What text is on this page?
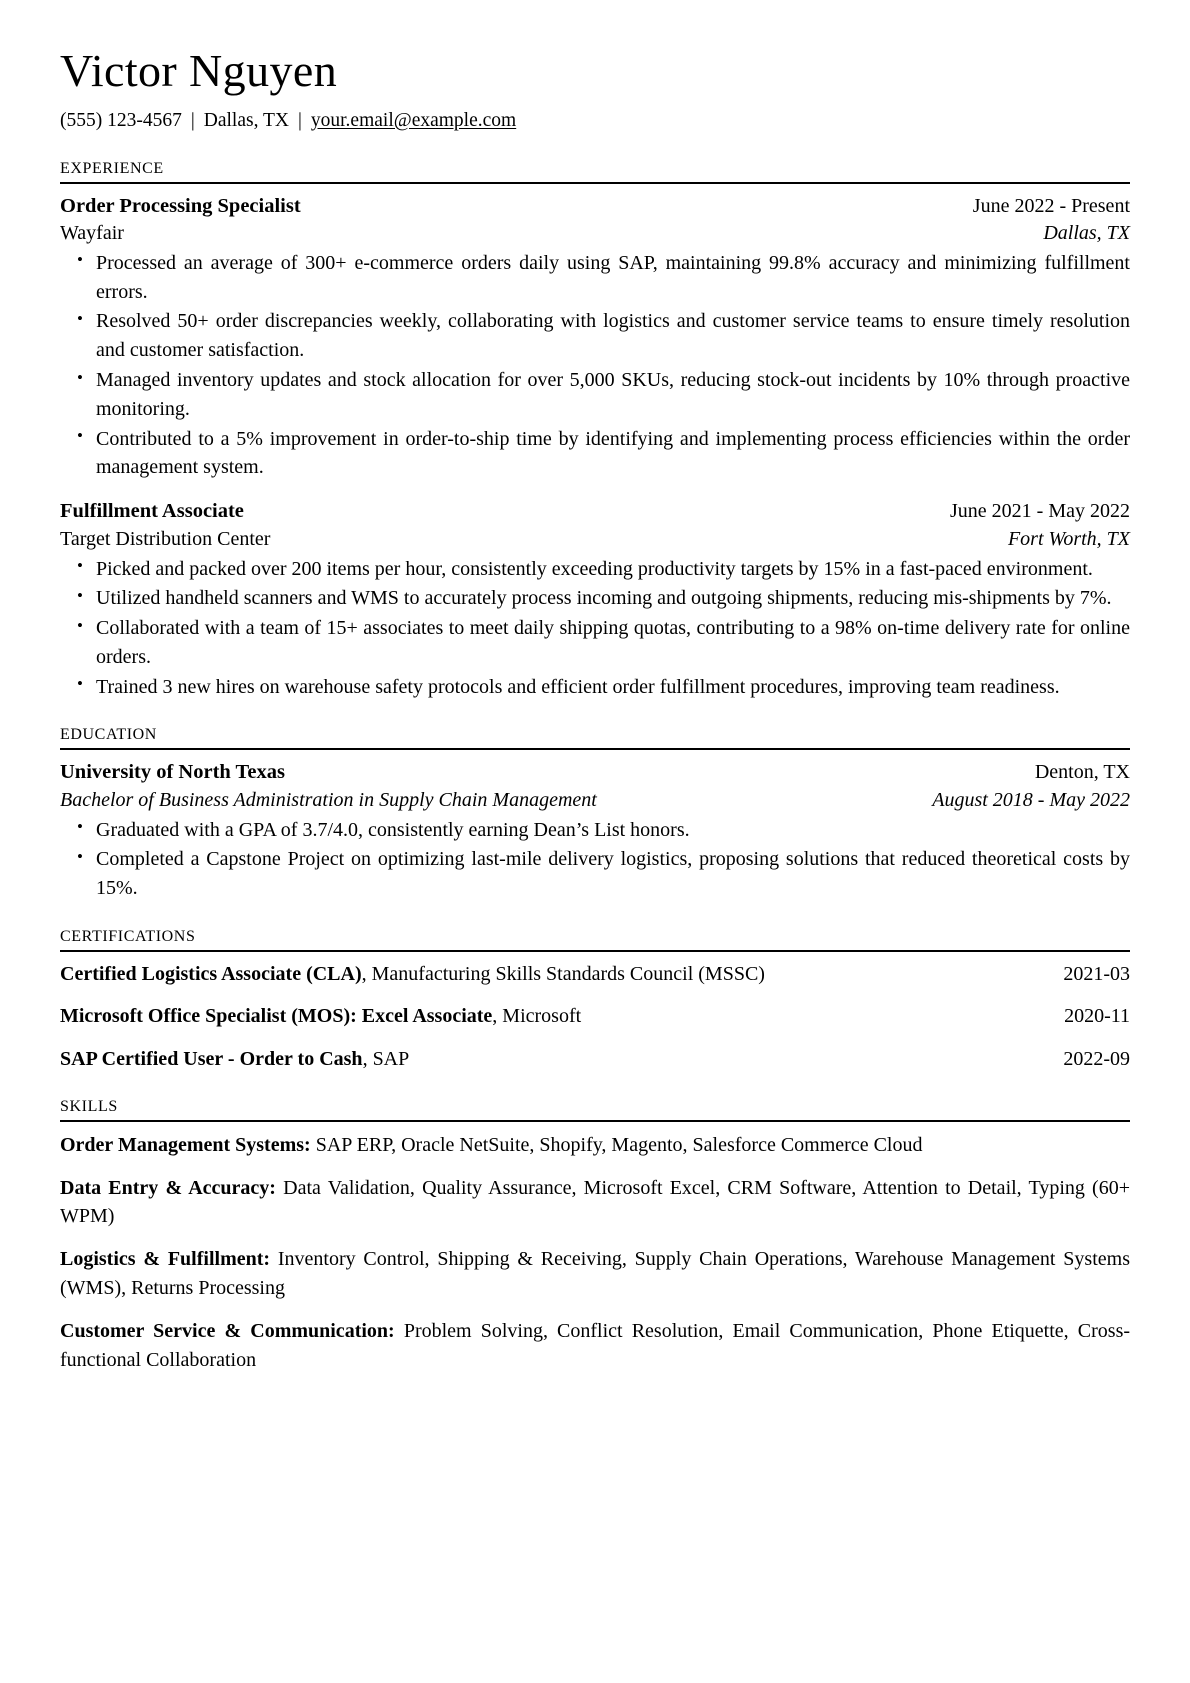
Victor Nguyen
(555) 123-4567 | Dallas, TX | your.email@example.com
experience
Order Processing Specialist	June 2022 - Present
Wayfair	Dallas, TX
• Processed an average of 300+ e-commerce orders daily using SAP, maintaining 99.8% accuracy and minimizing fulfillment errors.
• Resolved 50+ order discrepancies weekly, collaborating with logistics and customer service teams to ensure timely resolution and customer satisfaction.
• Managed inventory updates and stock allocation for over 5,000 SKUs, reducing stock-out incidents by 10% through proactive monitoring.
• Contributed to a 5% improvement in order-to-ship time by identifying and implementing process efficiencies within the order management system.
Fulfillment Associate	June 2021 - May 2022
Target Distribution Center	Fort Worth, TX
• Picked and packed over 200 items per hour, consistently exceeding productivity targets by 15% in a fast-paced environment.
• Utilized handheld scanners and WMS to accurately process incoming and outgoing shipments, reducing mis-shipments by 7%.
• Collaborated with a team of 15+ associates to meet daily shipping quotas, contributing to a 98% on-time delivery rate for online orders.
• Trained 3 new hires on warehouse safety protocols and efficient order fulfillment procedures, improving team readiness.
education
University of North Texas	Denton, TX
Bachelor of Business Administration in Supply Chain Management	August 2018 - May 2022
• Graduated with a GPA of 3.7/4.0, consistently earning Dean’s List honors.
• Completed a Capstone Project on optimizing last-mile delivery logistics, proposing solutions that reduced theoretical costs by 15%.
certifications
Certified Logistics Associate (CLA), Manufacturing Skills Standards Council (MSSC)	2021-03
Microsoft Office Specialist (MOS): Excel Associate, Microsoft	2020-11
SAP Certified User - Order to Cash, SAP	2022-09
skills
Order Management Systems: SAP ERP, Oracle NetSuite, Shopify, Magento, Salesforce Commerce Cloud
Data Entry & Accuracy: Data Validation, Quality Assurance, Microsoft Excel, CRM Software, Attention to Detail, Typing (60+ WPM)
Logistics & Fulfillment: Inventory Control, Shipping & Receiving, Supply Chain Operations, Warehouse Management Systems (WMS), Returns Processing
Customer Service & Communication: Problem Solving, Conflict Resolution, Email Communication, Phone Etiquette, Cross-functional Collaboration
